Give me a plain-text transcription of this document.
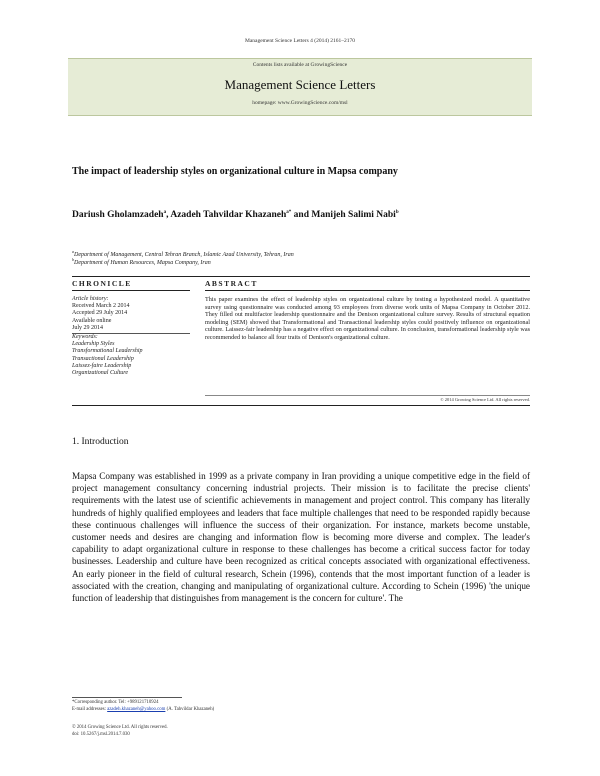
Management Science Letters 4 (2014) 2161–2170
Contents lists available at GrowingScience
Management Science Letters
homepage: www.GrowingScience.com/msl
The impact of leadership styles on organizational culture in Mapsa company
Dariush Gholamzadeh$^a$, Azadeh Tahvildar Khazaneh$^{a*}$ and Manijeh Salimi Nabi$^b$
$^a$Department of Management, Central Tehran Branch, Islamic Azad University, Tehran, Iran
$^b$Department of Human Resources, Mapsa Company, Iran
CHRONICLE	ABSTRACT
Article history:
Received March 2 2014
Accepted 29 July 2014
Available online
July 29 2014
Keywords:
Leadership Styles
Transformational Leadership
Transactional Leadership
Laissez-faire Leadership
Organizational Culture
This paper examines the effect of leadership styles on organizational culture by testing a hypothesized model. A quantitative survey using questionnaire was conducted among 93 employees from diverse work units of Mapsa Company in October 2012. They filled out multifactor leadership questionnaire and the Denison organizational culture survey. Results of structural equation modeling (SEM) showed that Transformational and Transactional leadership styles could positively influence on organizational culture. Laissez-fair leadership has a negative effect on organizational culture. In conclusion, transformational leadership style was recommended to balance all four traits of Denison's organizational culture.
© 2014 Growing Science Ltd. All rights reserved.
1. Introduction
Mapsa Company was established in 1999 as a private company in Iran providing a unique competitive edge in the field of project management consultancy concerning industrial projects. Their mission is to facilitate the precise clients' requirements with the latest use of scientific achievements in management and project control. This company has literally hundreds of highly qualified employees and leaders that face multiple challenges that need to be responded rapidly because these continuous challenges will influence the success of their organization. For instance, markets become unstable, customer needs and desires are changing and information flow is becoming more diverse and complex. The leader's capability to adapt organizational culture in response to these challenges has become a critical success factor for today businesses. Leadership and culture have been recognized as critical concepts associated with organizational effectiveness. An early pioneer in the field of cultural research, Schein (1996), contends that the most important function of a leader is associated with the creation, changing and manipulating of organizational culture. According to Schein (1996) 'the unique function of leadership that distinguishes from management is the concern for culture'. The
*Corresponding author. Tel: +989121710924
E-mail addresses: azadeh.khazaneh@yahoo.com (A. Tahvildar Khazaneh)
© 2014 Growing Science Ltd. All rights reserved.
doi: 10.5267/j.msl.2014.7.030
